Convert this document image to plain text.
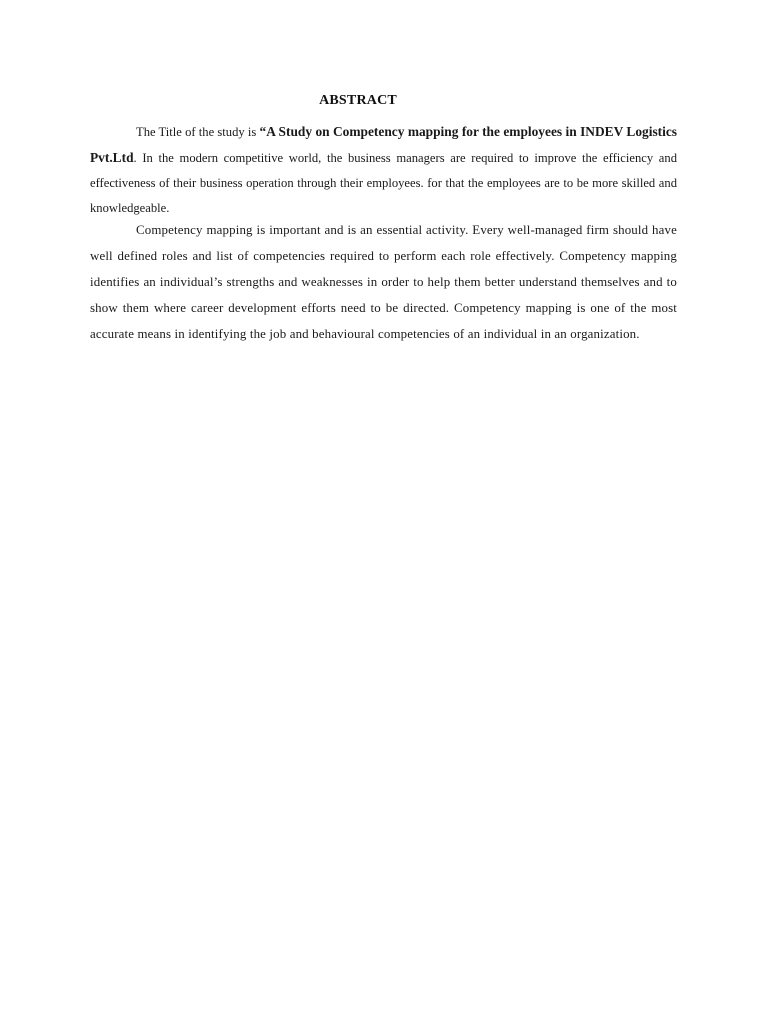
ABSTRACT

The Title of the study is “A Study on Competency mapping for the employees in INDEV Logistics Pvt.Ltd. In the modern competitive world, the business managers are required to improve the efficiency and effectiveness of their business operation through their employees. for that the employees are to be more skilled and knowledgeable.

Competency mapping is important and is an essential activity. Every well-managed firm should have well defined roles and list of competencies required to perform each role effectively. Competency mapping identifies an individual’s strengths and weaknesses in order to help them better understand themselves and to show them where career development efforts need to be directed. Competency mapping is one of the most accurate means in identifying the job and behavioural competencies of an individual in an organization.
